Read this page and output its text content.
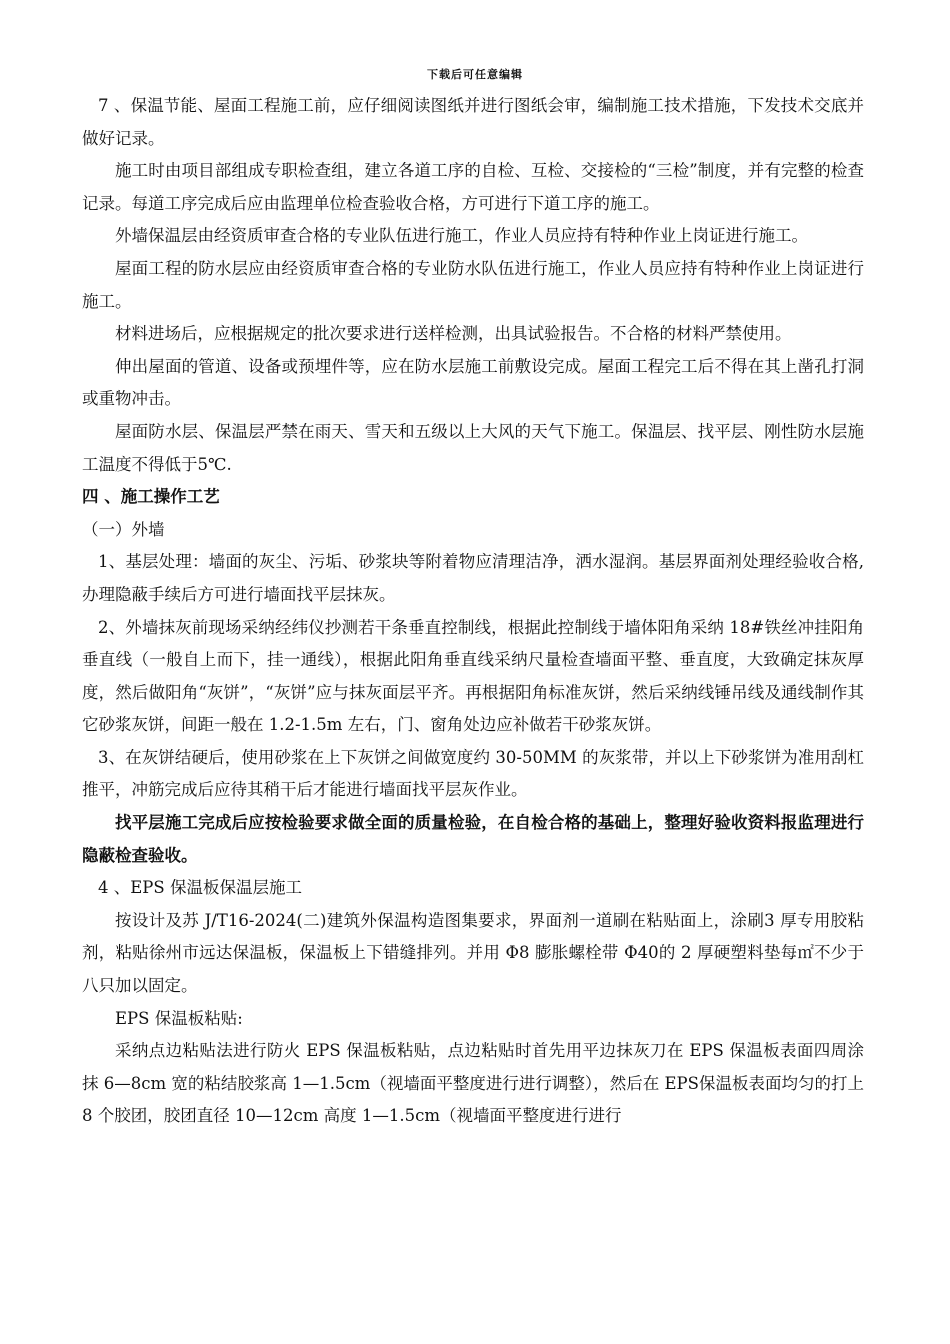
下载后可任意编辑

7 、保温节能、屋面工程施工前，应仔细阅读图纸并进行图纸会审，编制施工技术措施，下发技术交底并做好记录。

施工时由项目部组成专职检查组，建立各道工序的自检、互检、交接检的“三检”制度，并有完整的检查记录。每道工序完成后应由监理单位检查验收合格，方可进行下道工序的施工。

外墙保温层由经资质审查合格的专业队伍进行施工，作业人员应持有特种作业上岗证进行施工。

屋面工程的防水层应由经资质审查合格的专业防水队伍进行施工，作业人员应持有特种作业上岗证进行施工。

材料进场后，应根据规定的批次要求进行送样检测，出具试验报告。不合格的材料严禁使用。

伸出屋面的管道、设备或预埋件等，应在防水层施工前敷设完成。屋面工程完工后不得在其上凿孔打洞或重物冲击。

屋面防水层、保温层严禁在雨天、雪天和五级以上大风的天气下施工。保温层、找平层、刚性防水层施工温度不得低于5℃.

四 、施工操作工艺

（一）外墙

1、基层处理：墙面的灰尘、污垢、砂浆块等附着物应清理洁净，洒水湿润。基层界面剂处理经验收合格,办理隐蔽手续后方可进行墙面找平层抹灰。

2、外墙抹灰前现场采纳经纬仪抄测若干条垂直控制线，根据此控制线于墙体阳角采纳 18#铁丝冲挂阳角垂直线（一般自上而下，挂一通线），根据此阳角垂直线采纳尺量检查墙面平整、垂直度，大致确定抹灰厚度，然后做阳角“灰饼”，“灰饼”应与抹灰面层平齐。再根据阳角标准灰饼，然后采纳线锤吊线及通线制作其它砂浆灰饼，间距一般在 1.2-1.5m 左右，门、窗角处边应补做若干砂浆灰饼。

3、在灰饼结硬后，使用砂浆在上下灰饼之间做宽度约 30-50MM 的灰浆带，并以上下砂浆饼为准用刮杠推平，冲筋完成后应待其稍干后才能进行墙面找平层灰作业。

找平层施工完成后应按检验要求做全面的质量检验，在自检合格的基础上，整理好验收资料报监理进行隐蔽检查验收。

4 、EPS 保温板保温层施工

按设计及苏 J/T16-2024(二)建筑外保温构造图集要求，界面剂一道刷在粘贴面上，涂刷3 厚专用胶粘剂，粘贴徐州市远达保温板，保温板上下错缝排列。并用 Φ8 膨胀螺栓带 Φ40的 2 厚硬塑料垫每㎡不少于八只加以固定。

EPS 保温板粘贴:

采纳点边粘贴法进行防火 EPS 保温板粘贴，点边粘贴时首先用平边抹灰刀在 EPS 保温板表面四周涂抹 6—8cm 宽的粘结胶浆高 1—1.5cm（视墙面平整度进行进行调整），然后在 EPS保温板表面均匀的打上 8 个胶团，胶团直径 10—12cm 高度 1—1.5cm（视墙面平整度进行进行
